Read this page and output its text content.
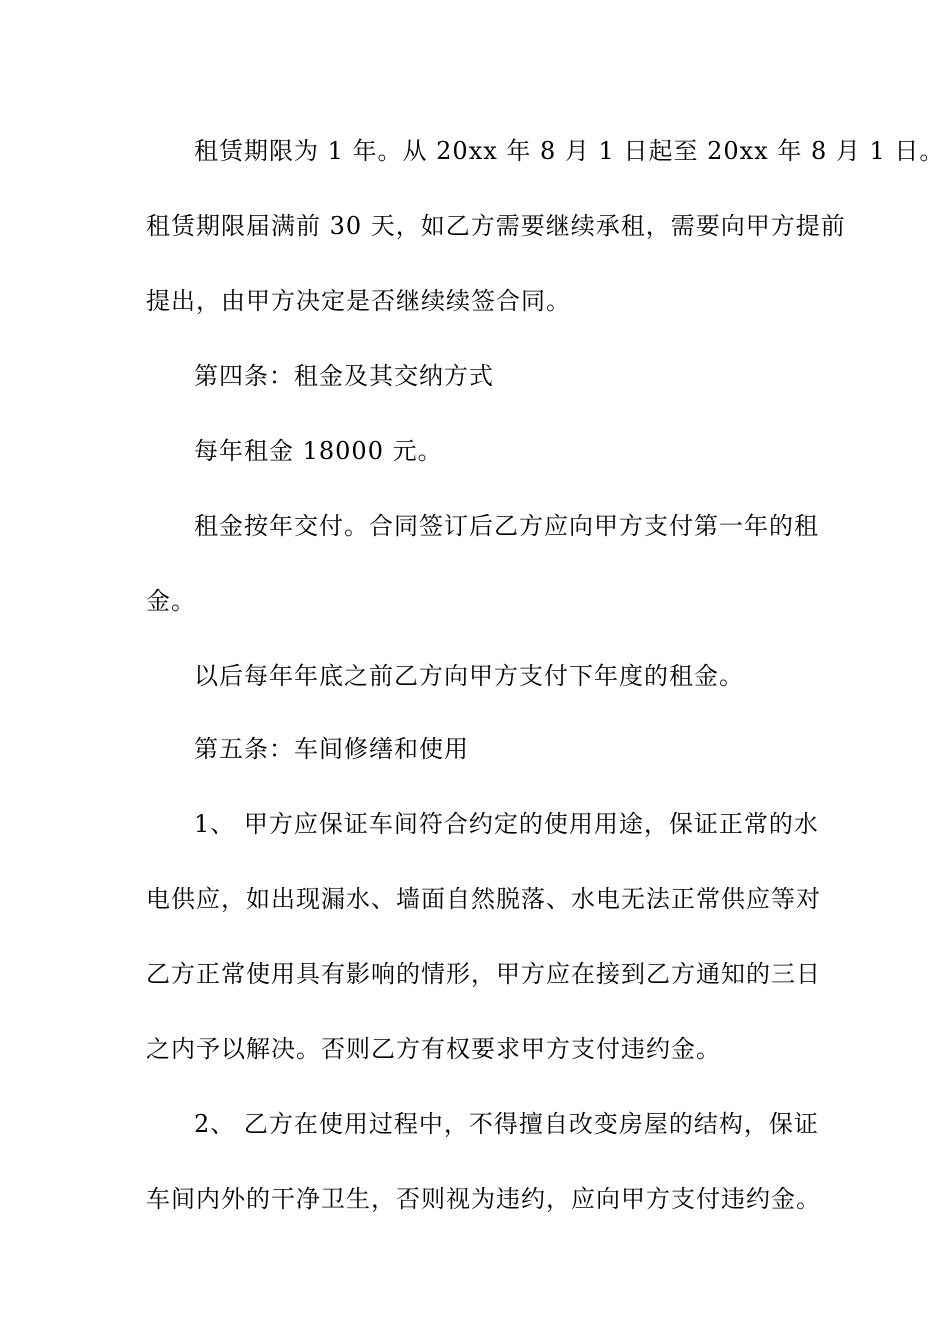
租赁期限为 1 年。从 20xx 年 8 月 1 日起至 20xx 年 8 月 1 日。
租赁期限届满前 30 天，如乙方需要继续承租，需要向甲方提前
提出，由甲方决定是否继续续签合同。
第四条：租金及其交纳方式
每年租金 18000 元。
租金按年交付。合同签订后乙方应向甲方支付第一年的租
金。
以后每年年底之前乙方向甲方支付下年度的租金。
第五条：车间修缮和使用
1、 甲方应保证车间符合约定的使用用途，保证正常的水
电供应，如出现漏水、墙面自然脱落、水电无法正常供应等对
乙方正常使用具有影响的情形，甲方应在接到乙方通知的三日
之内予以解决。否则乙方有权要求甲方支付违约金。
2、 乙方在使用过程中，不得擅自改变房屋的结构，保证
车间内外的干净卫生，否则视为违约，应向甲方支付违约金。
